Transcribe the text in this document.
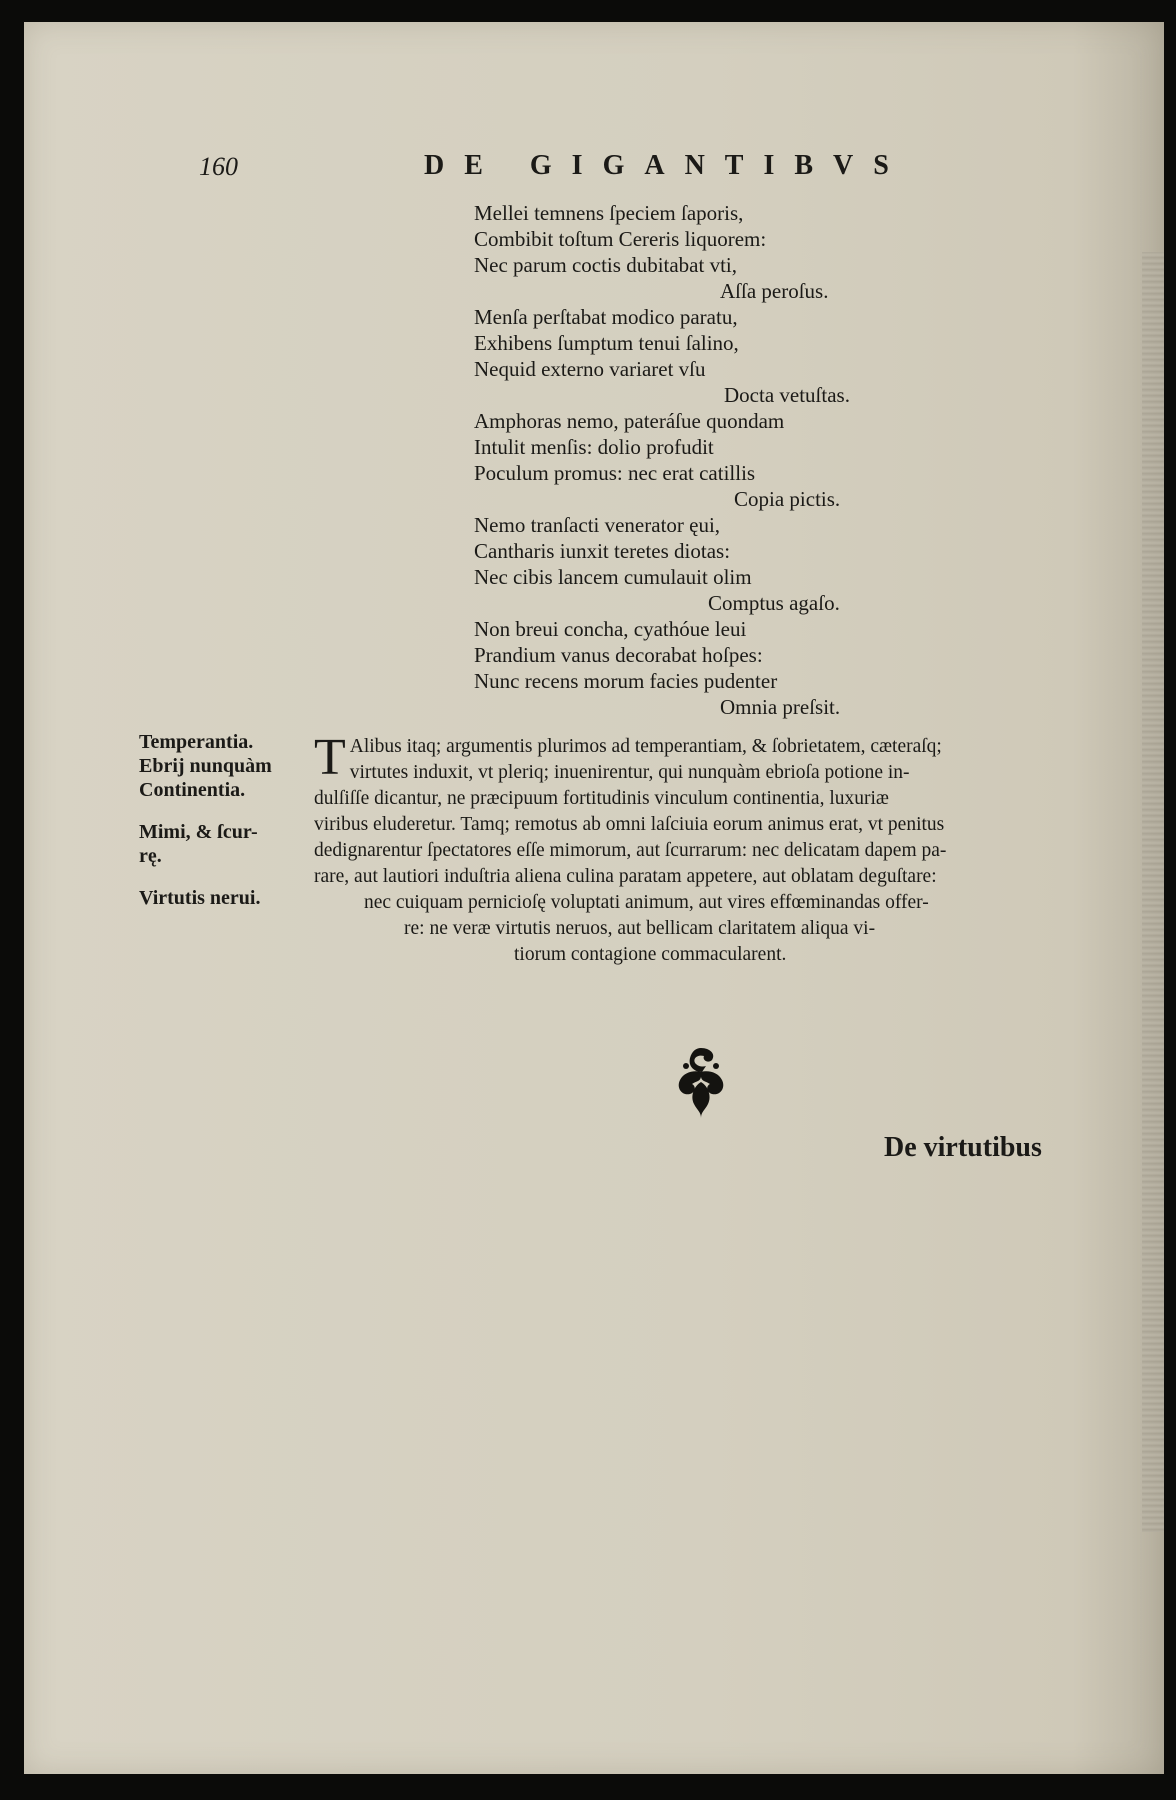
160	DE GIGANTIBVS
Mellei temnens ſpeciem ſaporis,
Combibit toſtum Cereris liquorem:
Nec parum coctis dubitabat vti,
Aſſa peroſus.
Menſa perſtabat modico paratu,
Exhibens ſumptum tenui ſalino,
Nequid externo variaret vſu
Docta vetuſtas.
Amphoras nemo, pateráſue quondam
Intulit menſis: dolio profudit
Poculum promus: nec erat catillis
Copia pictis.
Nemo tranſacti venerator ęui,
Cantharis iunxit teretes diotas:
Nec cibis lancem cumulauit olim
Comptus agaſo.
Non breui concha, cyathóue leui
Prandium vanus decorabat hoſpes:
Nunc recens morum facies pudenter
Omnia preſsit.
Temperantia.
Ebrij nunquàm
Continentia.
Mimi, & ſcur-
rę.
Virtutis nerui.
T Alibus itaq; argumentis plurimos ad temperantiam, & ſobrietatem, cæteraſq;
virtutes induxit, vt pleriq; inuenirentur, qui nunquàm ebrioſa potione in-
dulſiſſe dicantur, ne præcipuum fortitudinis vinculum continentia, luxuriæ
viribus eluderetur. Tamq; remotus ab omni laſciuia eorum animus erat, vt penitus
dedignarentur ſpectatores eſſe mimorum, aut ſcurrarum: nec delicatam dapem pa-
rare, aut lautiori induſtria aliena culina paratam appetere, aut oblatam deguſtare:
nec cuiquam pernicioſę voluptati animum, aut vires effœminandas offer-
re: ne veræ virtutis neruos, aut bellicam claritatem aliqua vi-
tiorum contagione commacularent.
De virtutibus
